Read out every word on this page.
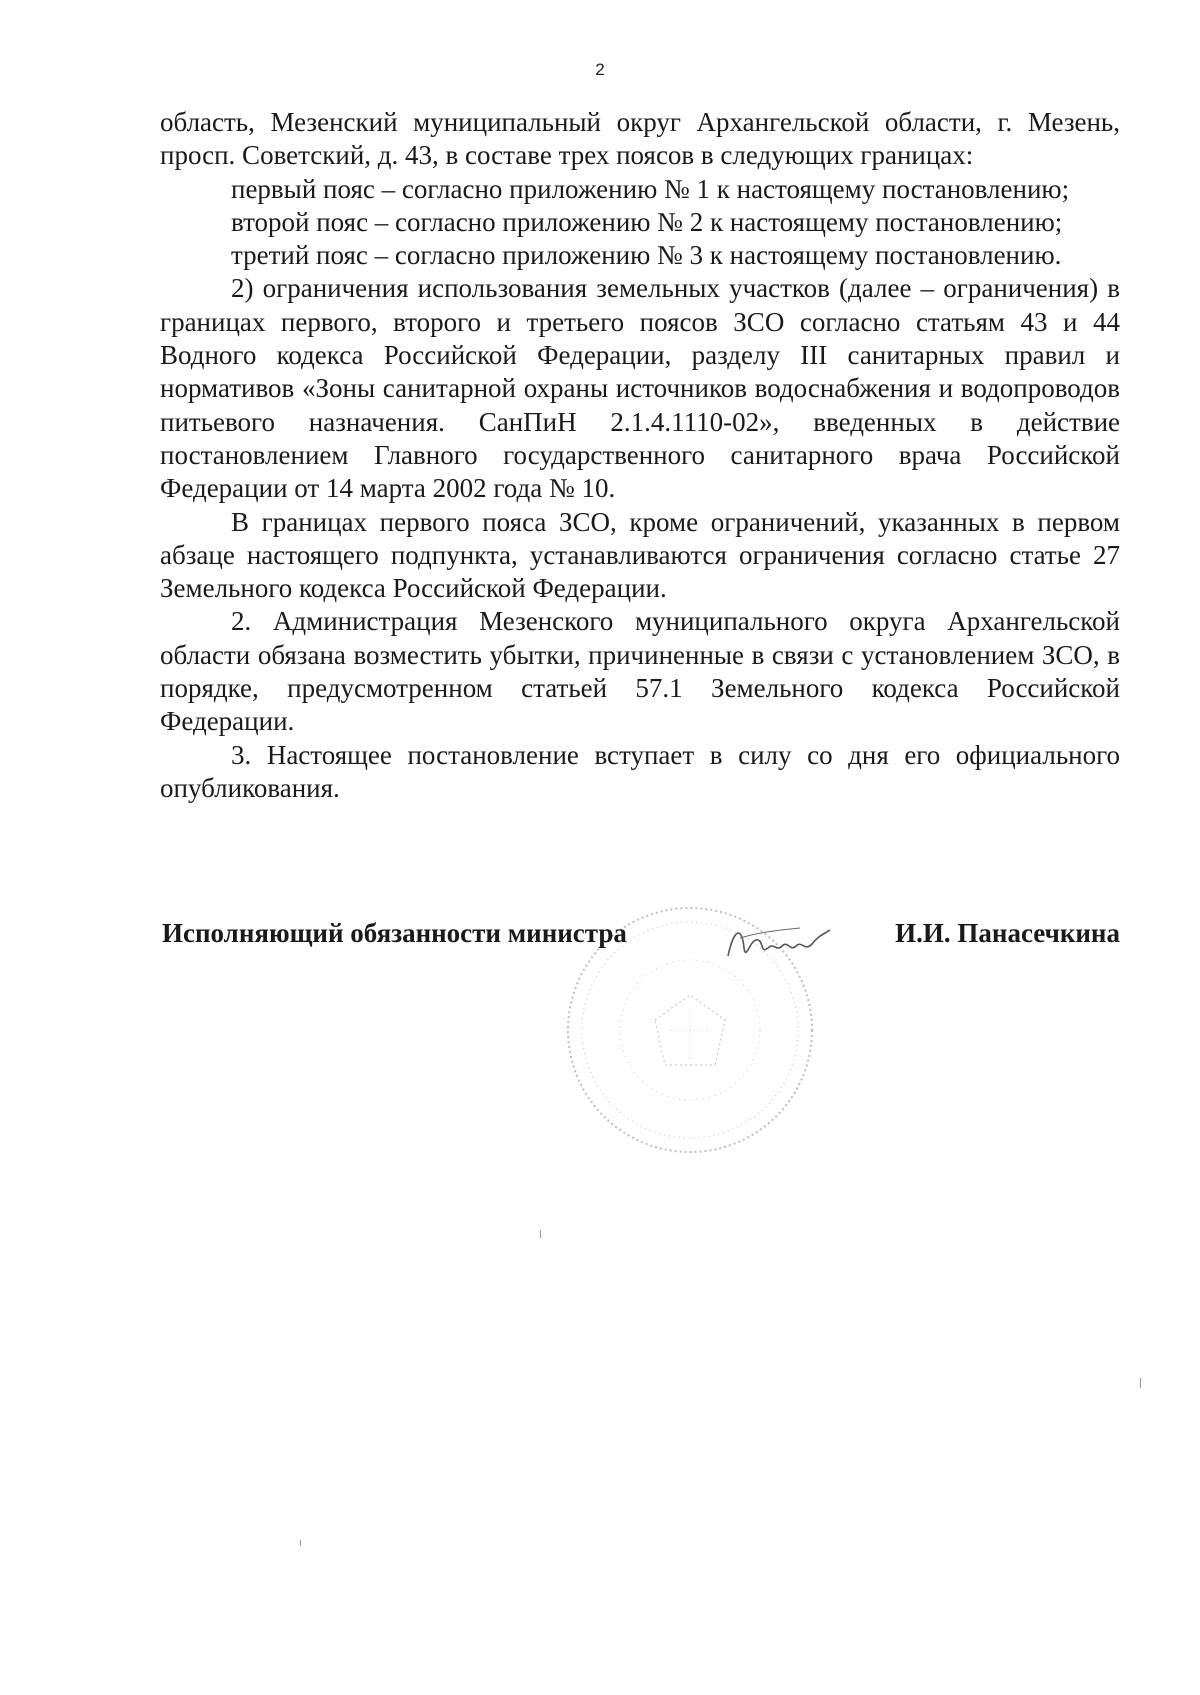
2

область, Мезенский муниципальный округ Архангельской области, г. Мезень, просп. Советский, д. 43, в составе трех поясов в следующих границах:

первый пояс – согласно приложению № 1 к настоящему постановлению;

второй пояс – согласно приложению № 2 к настоящему постановлению;

третий пояс – согласно приложению № 3 к настоящему постановлению.

2) ограничения использования земельных участков (далее – ограничения) в границах первого, второго и третьего поясов ЗСО согласно статьям 43 и 44 Водного кодекса Российской Федерации, разделу III санитарных правил и нормативов «Зоны санитарной охраны источников водоснабжения и водопроводов питьевого назначения. СанПиН 2.1.4.1110-02», введенных в действие постановлением Главного государственного санитарного врача Российской Федерации от 14 марта 2002 года № 10.

В границах первого пояса ЗСО, кроме ограничений, указанных в первом абзаце настоящего подпункта, устанавливаются ограничения согласно статье 27 Земельного кодекса Российской Федерации.

2. Администрация Мезенского муниципального округа Архангельской области обязана возместить убытки, причиненные в связи с установлением ЗСО, в порядке, предусмотренном статьей 57.1 Земельного кодекса Российской Федерации.

3. Настоящее постановление вступает в силу со дня его официального опубликования.

Исполняющий обязанности министра	И.И. Панасечкина
